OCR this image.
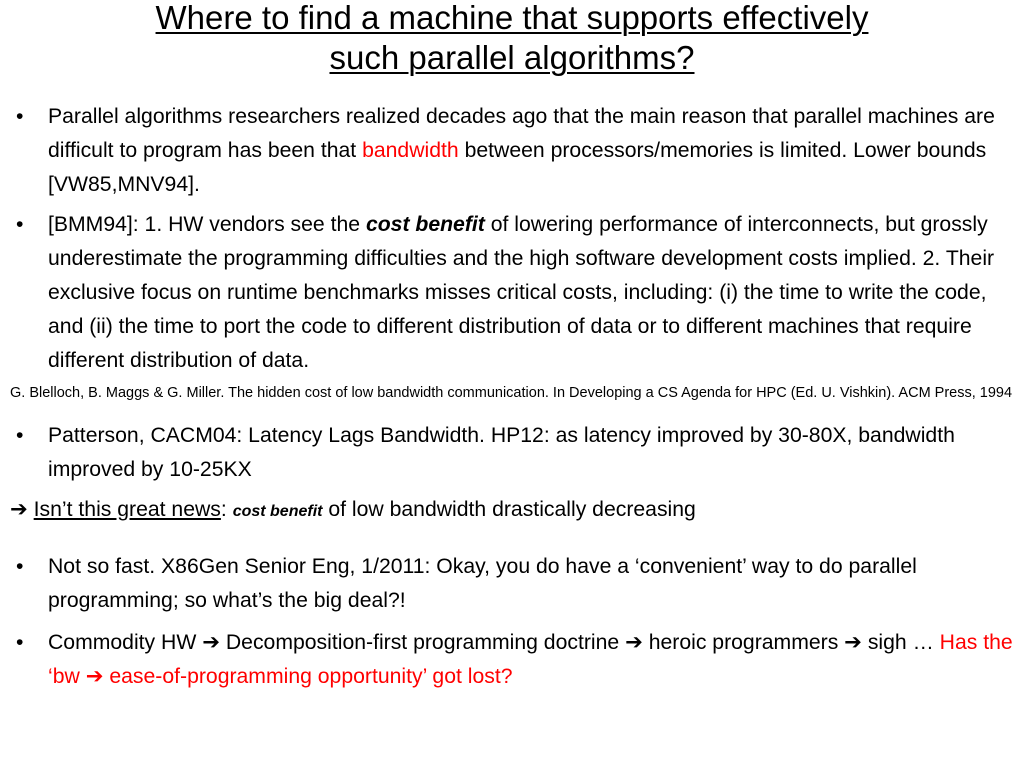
Where to find a machine that supports effectively
such parallel algorithms?

• Parallel algorithms researchers realized decades ago that the main reason that parallel machines are difficult to program has been that bandwidth between processors/memories is limited. Lower bounds [VW85,MNV94].

• [BMM94]: 1. HW vendors see the cost benefit of lowering performance of interconnects, but grossly underestimate the programming difficulties and the high software development costs implied. 2. Their exclusive focus on runtime benchmarks misses critical costs, including: (i) the time to write the code, and (ii) the time to port the code to different distribution of data or to different machines that require different distribution of data.

G. Blelloch, B. Maggs & G. Miller. The hidden cost of low bandwidth communication. In Developing a CS Agenda for HPC (Ed. U. Vishkin). ACM Press, 1994

• Patterson, CACM04: Latency Lags Bandwidth. HP12: as latency improved by 30-80X, bandwidth improved by 10-25KX

➔ Isn’t this great news: cost benefit of low bandwidth drastically decreasing

• Not so fast. X86Gen Senior Eng, 1/2011: Okay, you do have a ‘convenient’ way to do parallel programming; so what’s the big deal?!

• Commodity HW ➔ Decomposition-first programming doctrine ➔ heroic programmers ➔ sigh … Has the ‘bw ➔ ease-of-programming opportunity’ got lost?
